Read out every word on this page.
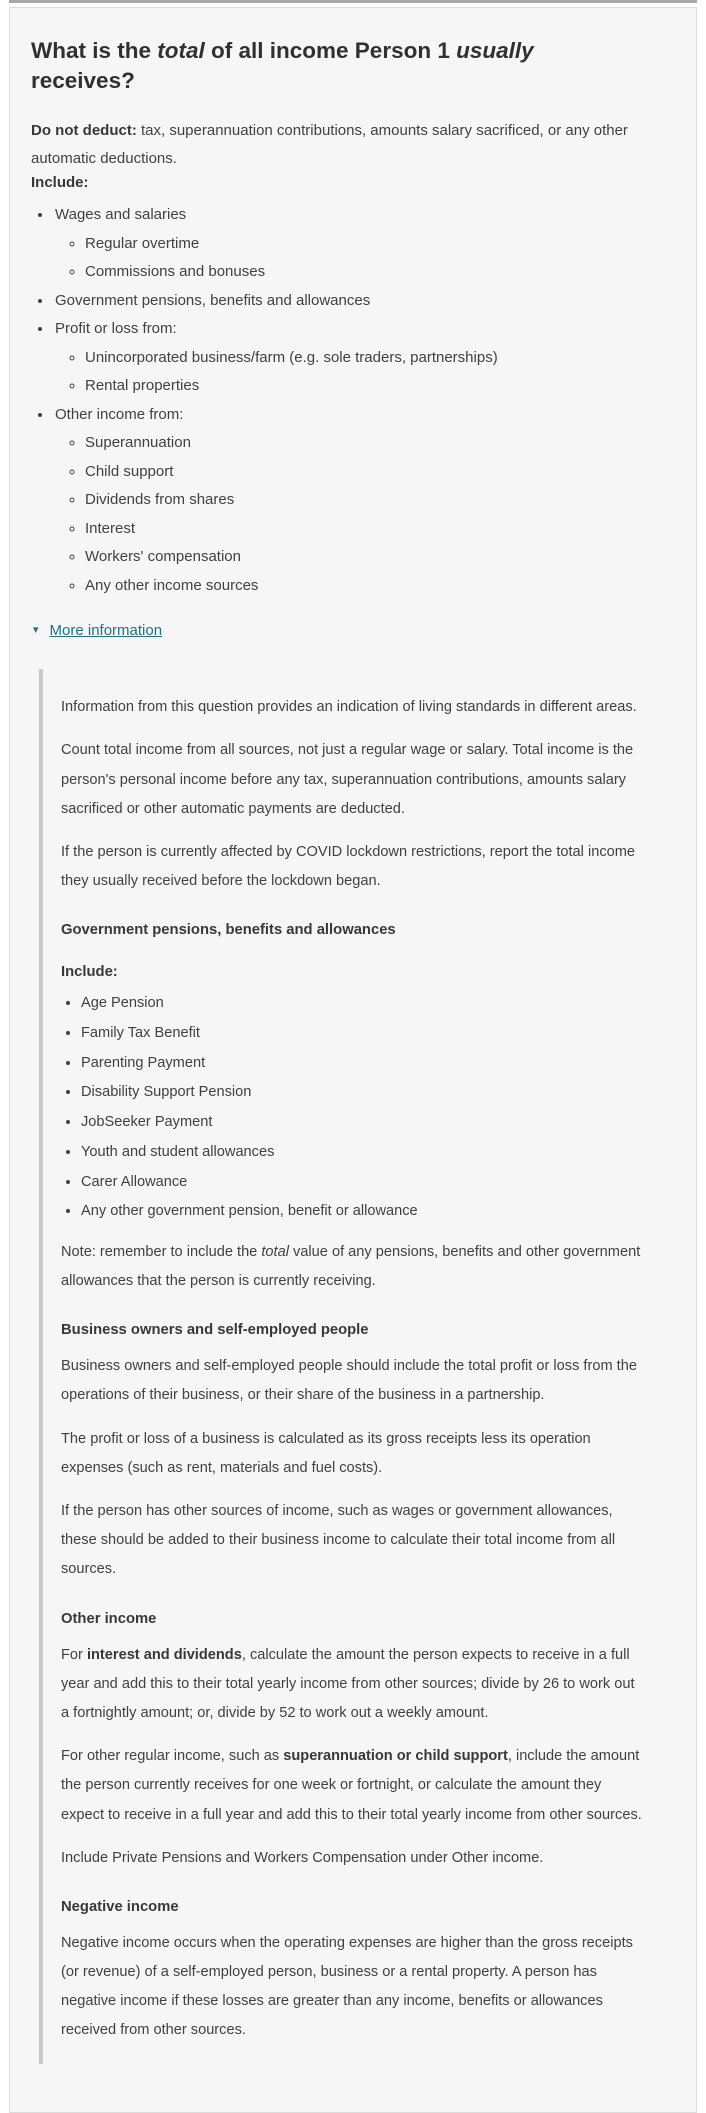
What is the total of all income Person 1 usually receives?

Do not deduct: tax, superannuation contributions, amounts salary sacrificed, or any other automatic deductions.

Include:

• Wages and salaries
◦ Regular overtime
◦ Commissions and bonuses
• Government pensions, benefits and allowances
• Profit or loss from:
◦ Unincorporated business/farm (e.g. sole traders, partnerships)
◦ Rental properties
• Other income from:
◦ Superannuation
◦ Child support
◦ Dividends from shares
◦ Interest
◦ Workers' compensation
◦ Any other income sources
▾ More information

Information from this question provides an indication of living standards in different areas.

Count total income from all sources, not just a regular wage or salary. Total income is the person's personal income before any tax, superannuation contributions, amounts salary sacrificed or other automatic payments are deducted.

If the person is currently affected by COVID lockdown restrictions, report the total income they usually received before the lockdown began.

Government pensions, benefits and allowances

Include:

• Age Pension
• Family Tax Benefit
• Parenting Payment
• Disability Support Pension
• JobSeeker Payment
• Youth and student allowances
• Carer Allowance
• Any other government pension, benefit or allowance

Note: remember to include the total value of any pensions, benefits and other government allowances that the person is currently receiving.

Business owners and self-employed people

Business owners and self-employed people should include the total profit or loss from the operations of their business, or their share of the business in a partnership.

The profit or loss of a business is calculated as its gross receipts less its operation expenses (such as rent, materials and fuel costs).

If the person has other sources of income, such as wages or government allowances, these should be added to their business income to calculate their total income from all sources.

Other income

For interest and dividends, calculate the amount the person expects to receive in a full year and add this to their total yearly income from other sources; divide by 26 to work out a fortnightly amount; or, divide by 52 to work out a weekly amount.

For other regular income, such as superannuation or child support, include the amount the person currently receives for one week or fortnight, or calculate the amount they expect to receive in a full year and add this to their total yearly income from other sources.

Include Private Pensions and Workers Compensation under Other income.

Negative income

Negative income occurs when the operating expenses are higher than the gross receipts (or revenue) of a self-employed person, business or a rental property. A person has negative income if these losses are greater than any income, benefits or allowances received from other sources.
